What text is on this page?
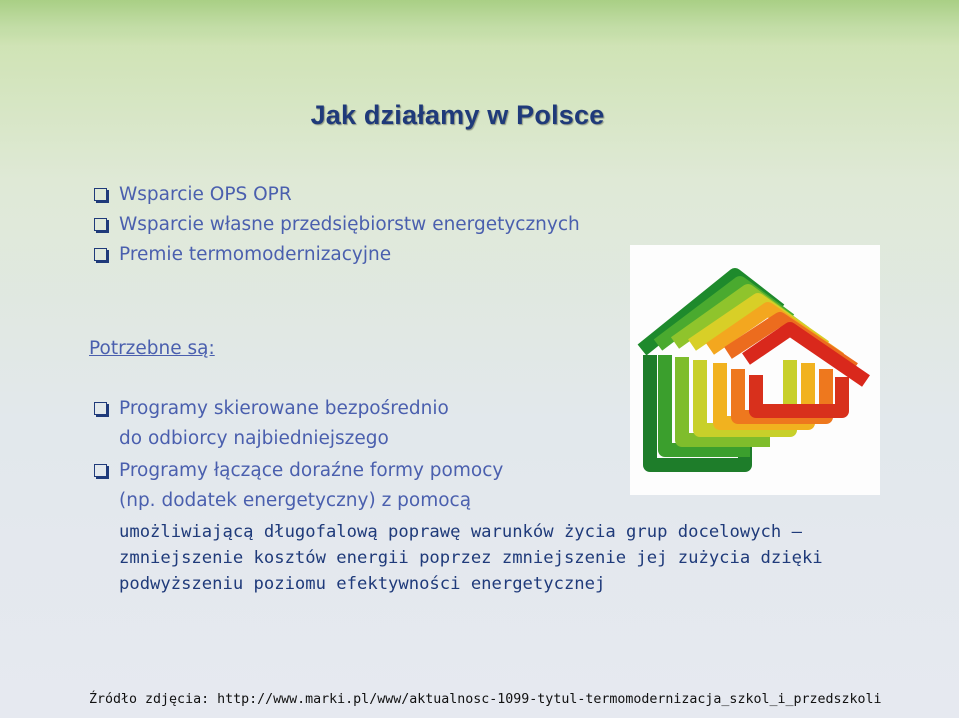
Jak działamy w Polsce
Wsparcie OPS OPR
Wsparcie własne przedsiębiorstw energetycznych
Premie termomodernizacyjne
Potrzebne są:
Programy skierowane bezpośrednio
do odbiorcy najbiedniejszego
Programy łączące doraźne formy pomocy
(np. dodatek energetyczny) z pomocą
umożliwiającą długofalową poprawę warunków życia grup docelowych –
zmniejszenie kosztów energii poprzez zmniejszenie jej zużycia dzięki
podwyższeniu poziomu efektywności energetycznej
Źródło zdjęcia: http://www.marki.pl/www/aktualnosc-1099-tytul-termomodernizacja_szkol_i_przedszkoli
